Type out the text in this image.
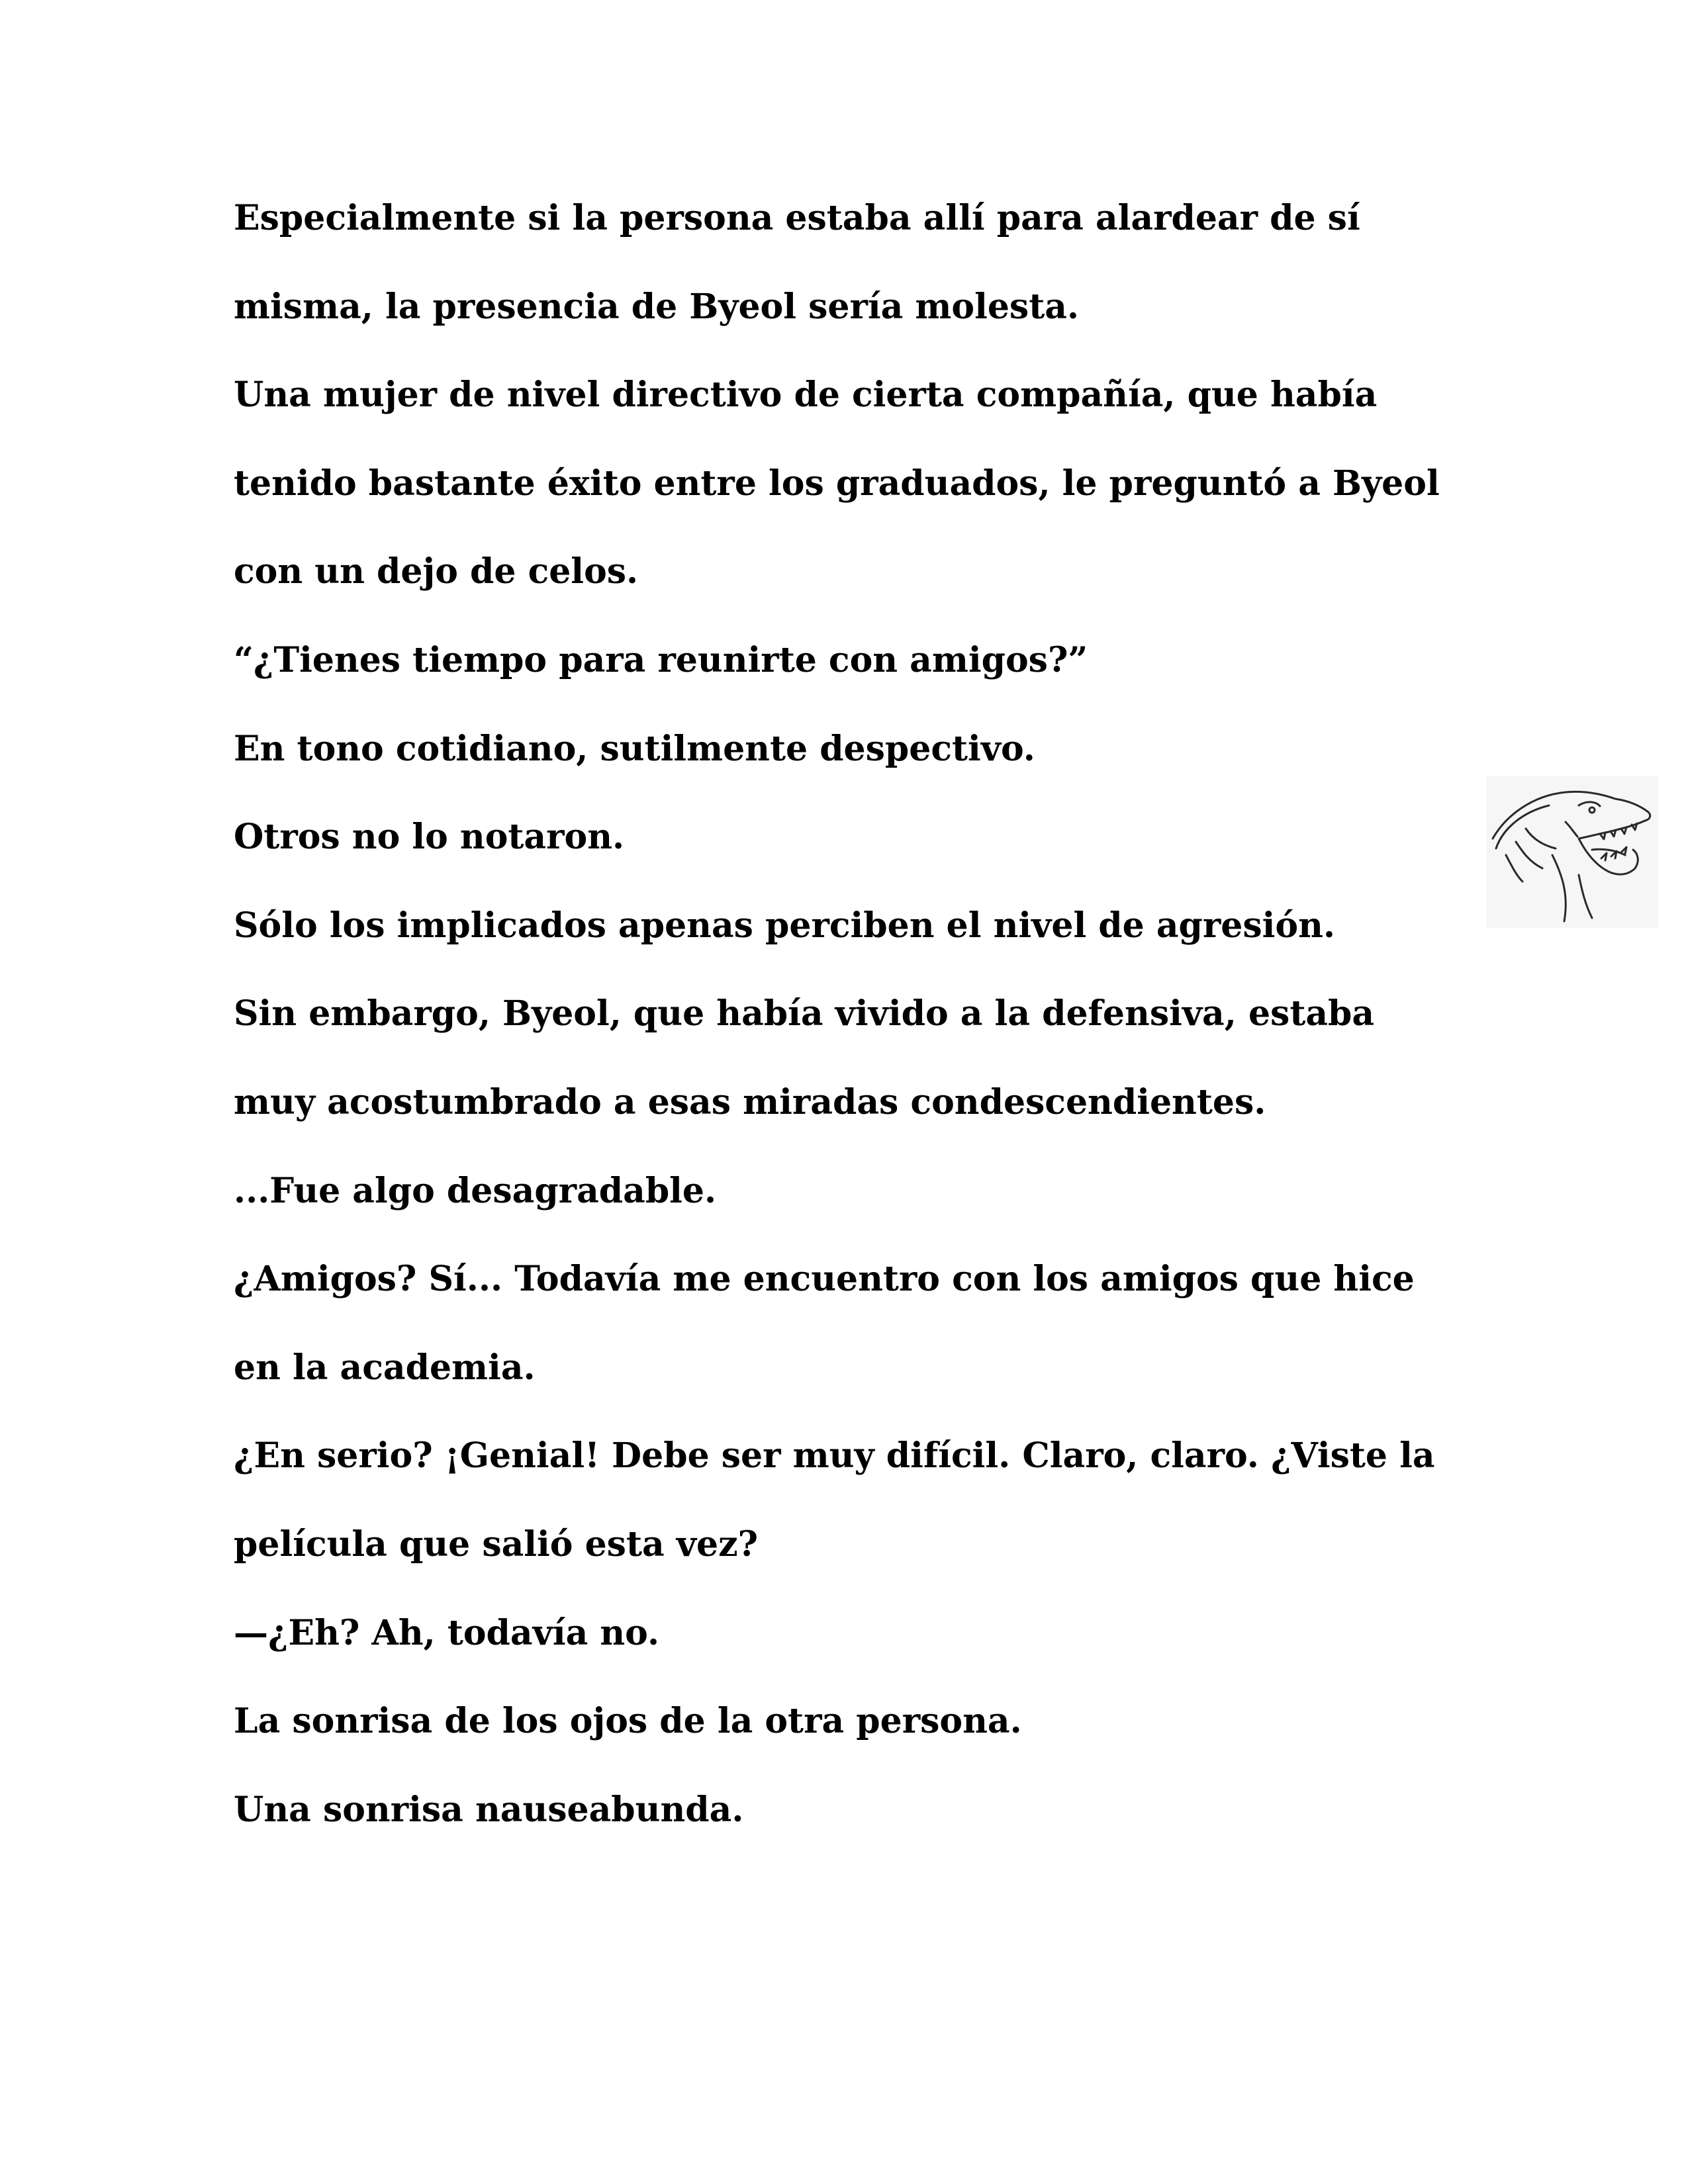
Especialmente si la persona estaba allí para alardear de sí
misma, la presencia de Byeol sería molesta.
Una mujer de nivel directivo de cierta compañía, que había
tenido bastante éxito entre los graduados, le preguntó a Byeol
con un dejo de celos.
“¿Tienes tiempo para reunirte con amigos?”
En tono cotidiano, sutilmente despectivo.
Otros no lo notaron.
Sólo los implicados apenas perciben el nivel de agresión.
Sin embargo, Byeol, que había vivido a la defensiva, estaba
muy acostumbrado a esas miradas condescendientes.
...Fue algo desagradable.
¿Amigos? Sí... Todavía me encuentro con los amigos que hice
en la academia.
¿En serio? ¡Genial! Debe ser muy difícil. Claro, claro. ¿Viste la
película que salió esta vez?
—¿Eh? Ah, todavía no.
La sonrisa de los ojos de la otra persona.
Una sonrisa nauseabunda.
